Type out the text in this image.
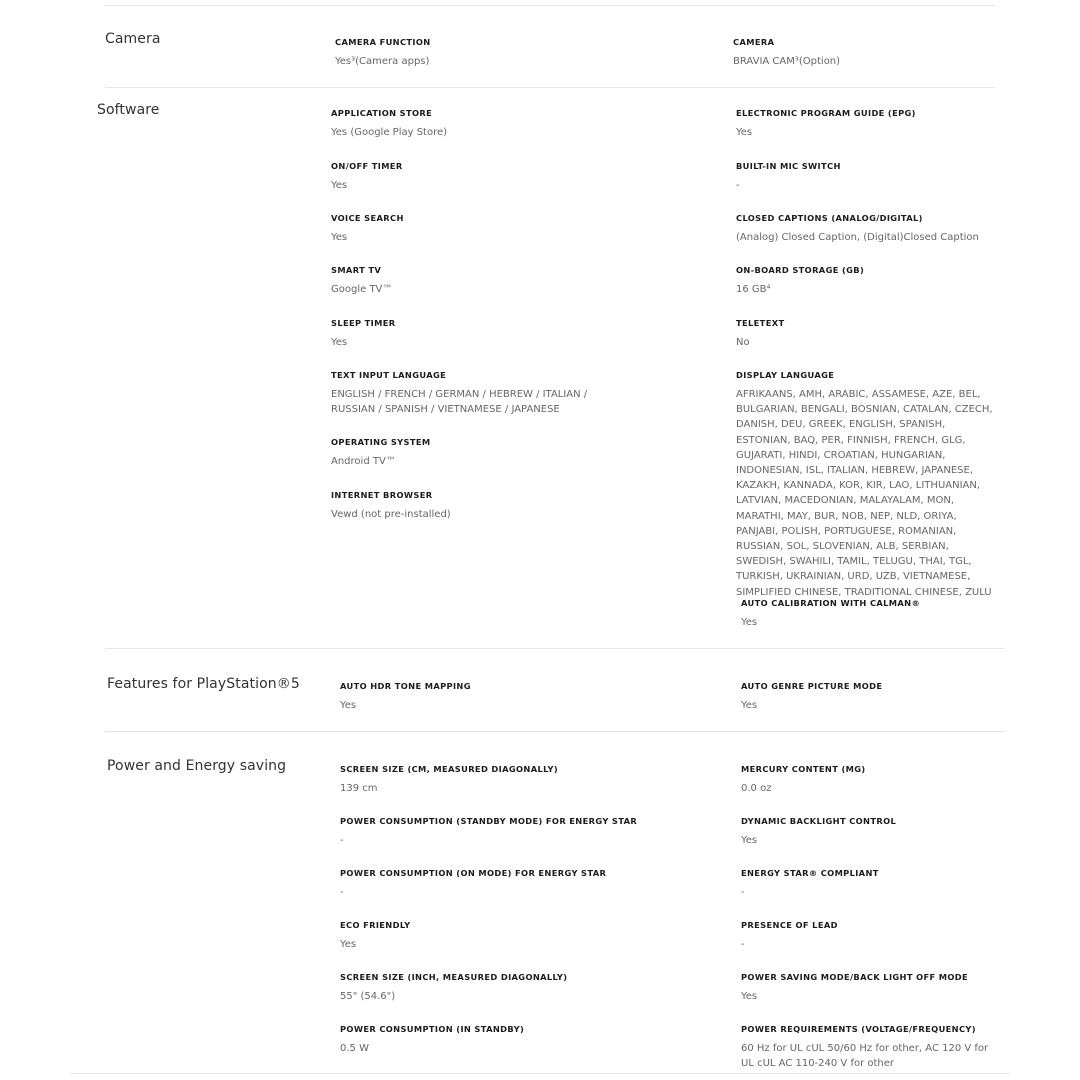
Camera	CAMERA FUNCTION
Yes³(Camera apps)
CAMERA
BRAVIA CAM³(Option)
Software	APPLICATION STORE
Yes (Google Play Store)
ON/OFF TIMER
Yes
VOICE SEARCH
Yes
SMART TV
Google TV™
SLEEP TIMER
Yes
TEXT INPUT LANGUAGE
ENGLISH / FRENCH / GERMAN / HEBREW / ITALIAN / RUSSIAN / SPANISH / VIETNAMESE / JAPANESE
OPERATING SYSTEM
Android TV™
INTERNET BROWSER
Vewd (not pre-installed)
ELECTRONIC PROGRAM GUIDE (EPG)
Yes
BUILT-IN MIC SWITCH
-
CLOSED CAPTIONS (ANALOG/DIGITAL)
(Analog) Closed Caption, (Digital)Closed Caption
ON-BOARD STORAGE (GB)
16 GB⁴
TELETEXT
No
DISPLAY LANGUAGE
AFRIKAANS, AMH, ARABIC, ASSAMESE, AZE, BEL, BULGARIAN, BENGALI, BOSNIAN, CATALAN, CZECH, DANISH, DEU, GREEK, ENGLISH, SPANISH, ESTONIAN, BAQ, PER, FINNISH, FRENCH, GLG, GUJARATI, HINDI, CROATIAN, HUNGARIAN, INDONESIAN, ISL, ITALIAN, HEBREW, JAPANESE, KAZAKH, KANNADA, KOR, KIR, LAO, LITHUANIAN, LATVIAN, MACEDONIAN, MALAYALAM, MON, MARATHI, MAY, BUR, NOB, NEP, NLD, ORIYA, PANJABI, POLISH, PORTUGUESE, ROMANIAN, RUSSIAN, SOL, SLOVENIAN, ALB, SERBIAN, SWEDISH, SWAHILI, TAMIL, TELUGU, THAI, TGL, TURKISH, UKRAINIAN, URD, UZB, VIETNAMESE, SIMPLIFIED CHINESE, TRADITIONAL CHINESE, ZULU
AUTO CALIBRATION WITH CALMAN®
Yes
Features for PlayStation®5	AUTO HDR TONE MAPPING
Yes
AUTO GENRE PICTURE MODE
Yes
Power and Energy saving	SCREEN SIZE (CM, MEASURED DIAGONALLY)
139 cm
POWER CONSUMPTION (STANDBY MODE) FOR ENERGY STAR
-
POWER CONSUMPTION (ON MODE) FOR ENERGY STAR
-
ECO FRIENDLY
Yes
SCREEN SIZE (INCH, MEASURED DIAGONALLY)
55" (54.6")
POWER CONSUMPTION (IN STANDBY)
0.5 W
MERCURY CONTENT (MG)
0.0 oz
DYNAMIC BACKLIGHT CONTROL
Yes
ENERGY STAR® COMPLIANT
-
PRESENCE OF LEAD
-
POWER SAVING MODE/BACK LIGHT OFF MODE
Yes
POWER REQUIREMENTS (VOLTAGE/FREQUENCY)
60 Hz for UL cUL 50/60 Hz for other, AC 120 V for UL cUL AC 110-240 V for other
